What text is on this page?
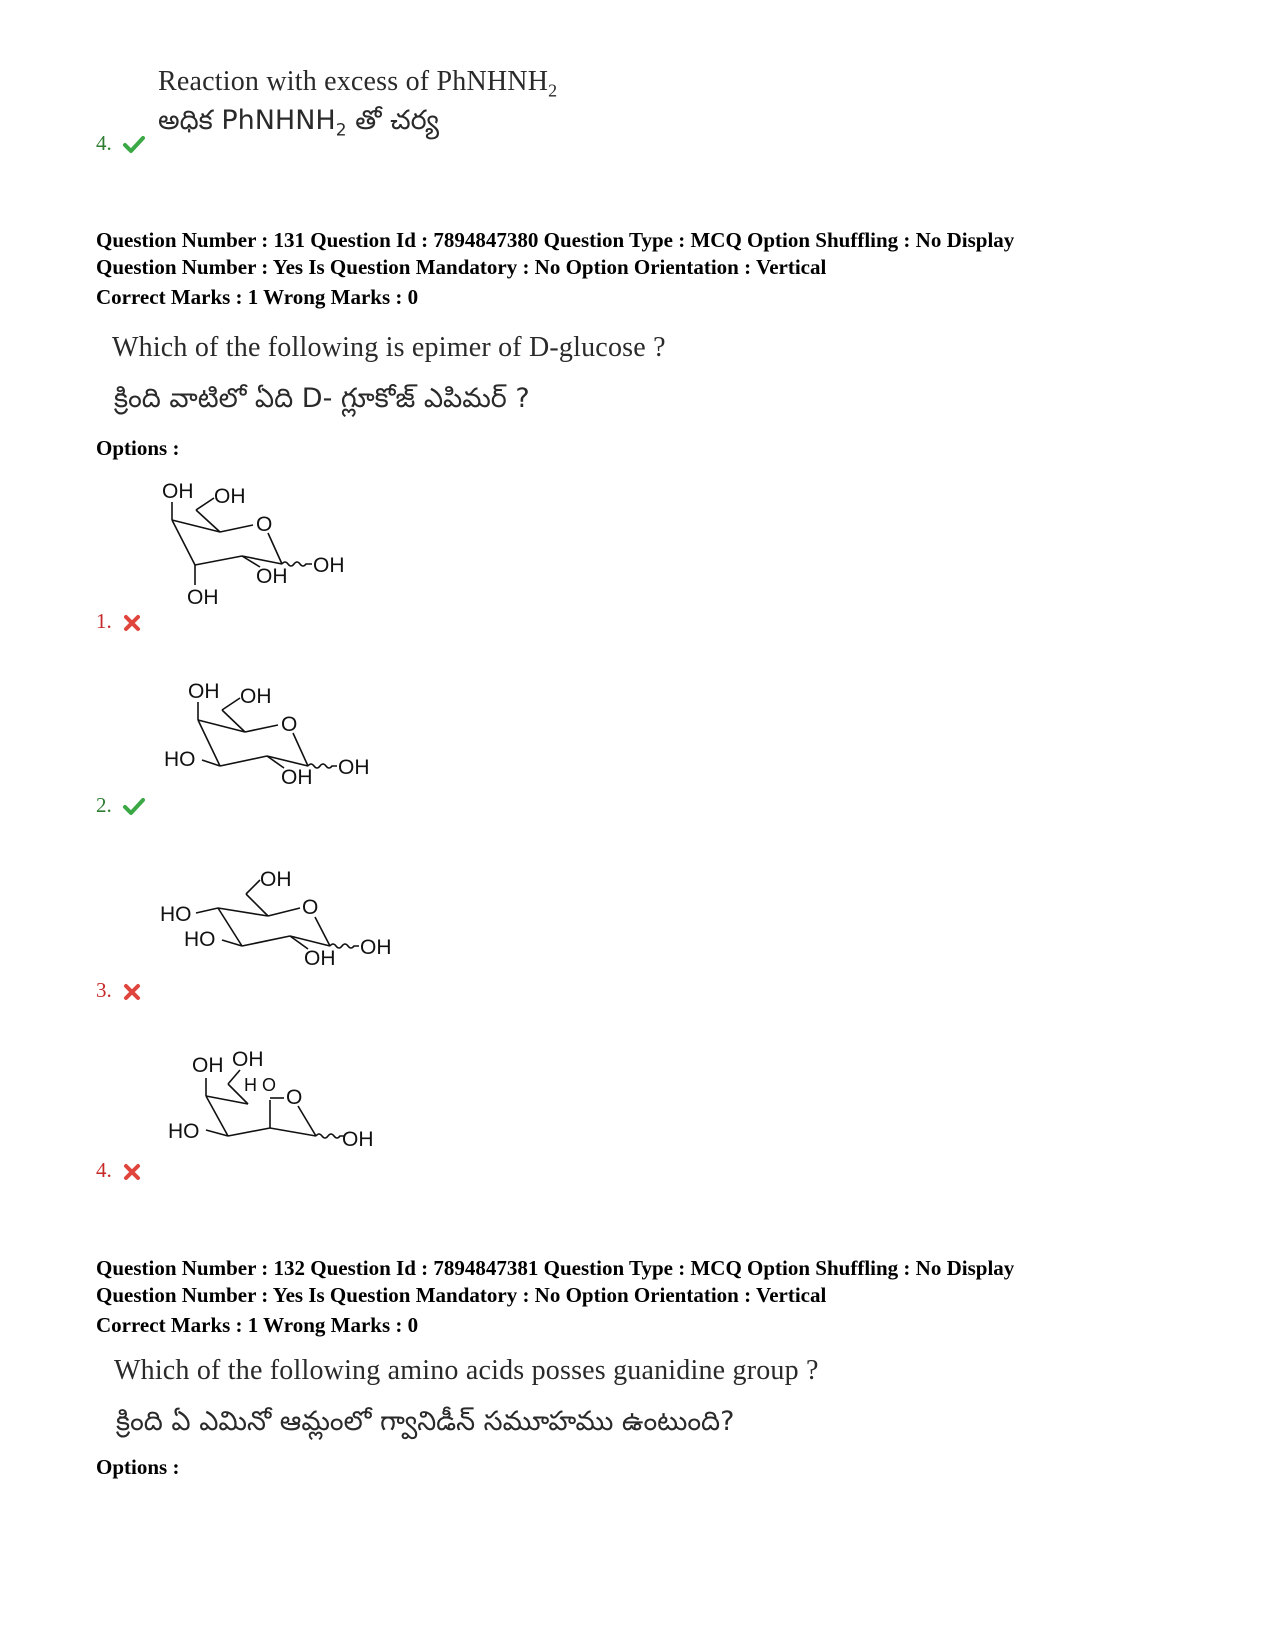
Reaction with excess of PhNHNH$_2$
అధిక PhNHNH$_2$ తో చర్య
4.
Question Number : 131 Question Id : 7894847380 Question Type : MCQ Option Shuffling : No Display
Question Number : Yes Is Question Mandatory : No Option Orientation : Vertical
Correct Marks : 1 Wrong Marks : 0
Which of the following is epimer of D-glucose ?
క్రింది వాటిలో ఏది D- గ్లూకోజ్ ఎపిమర్ ?
Options :
OH OH
O
OH OH
OH
1.
OH OH
O
HO
OH OH
2.
OH
O
HO
HO
OH OH
3.
OH OH
H O
O
HO	OH
4.
Question Number : 132 Question Id : 7894847381 Question Type : MCQ Option Shuffling : No Display
Question Number : Yes Is Question Mandatory : No Option Orientation : Vertical
Correct Marks : 1 Wrong Marks : 0
Which of the following amino acids posses guanidine group ?
క్రింది ఏ ఎమినో ఆమ్లంలో గ్వానిడీన్ సమూహము ఉంటుంది?
Options :
